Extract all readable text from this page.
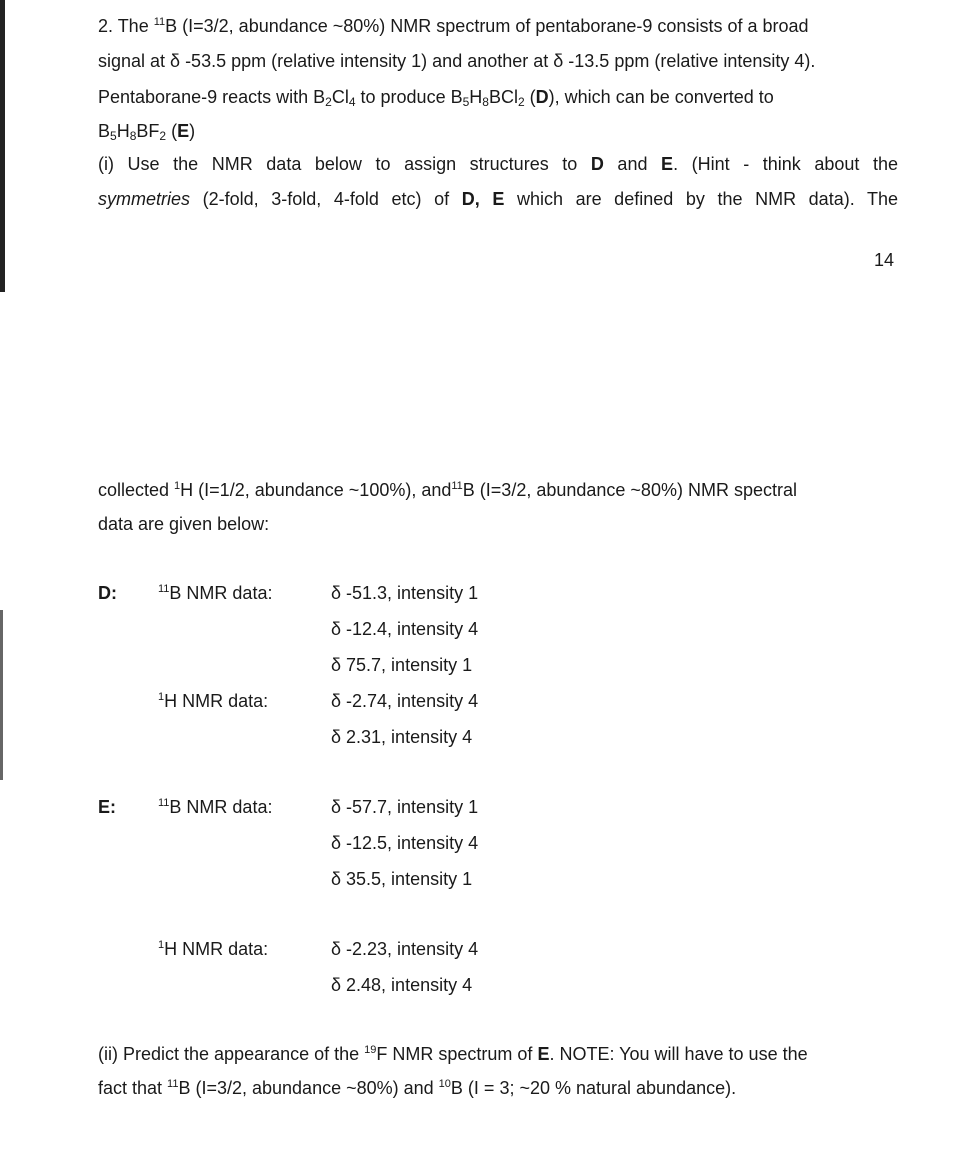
2. The $^{11}$B (I=3/2, abundance ~80%) NMR spectrum of pentaborane-9 consists of a broad
signal at δ -53.5 ppm (relative intensity 1) and another at δ -13.5 ppm (relative intensity 4).
Pentaborane-9 reacts with $B_2Cl_4$ to produce $B_5H_8BCl_2$ (D), which can be converted to
$B_5H_8BF_2$ (E)
(i) Use the NMR data below to assign structures to D and E. (Hint - think about the
symmetries (2-fold, 3-fold, 4-fold etc) of D, E which are defined by the NMR data). The
14
collected $^1$H (I=1/2, abundance ~100%), and$^{11}$B (I=3/2, abundance ~80%) NMR spectral
data are given below:
D:	$^{11}$B NMR data:	δ -51.3, intensity 1
δ -12.4, intensity 4
δ 75.7, intensity 1
$^1$H NMR data:	δ -2.74, intensity 4
δ 2.31, intensity 4
E:	$^{11}$B NMR data:	δ -57.7, intensity 1
δ -12.5, intensity 4
δ 35.5, intensity 1
$^1$H NMR data:	δ -2.23, intensity 4
δ 2.48, intensity 4
(ii) Predict the appearance of the $^{19}$F NMR spectrum of E. NOTE: You will have to use the
fact that $^{11}$B (I=3/2, abundance ~80%) and $^{10}$B (I = 3; ~20 % natural abundance).
